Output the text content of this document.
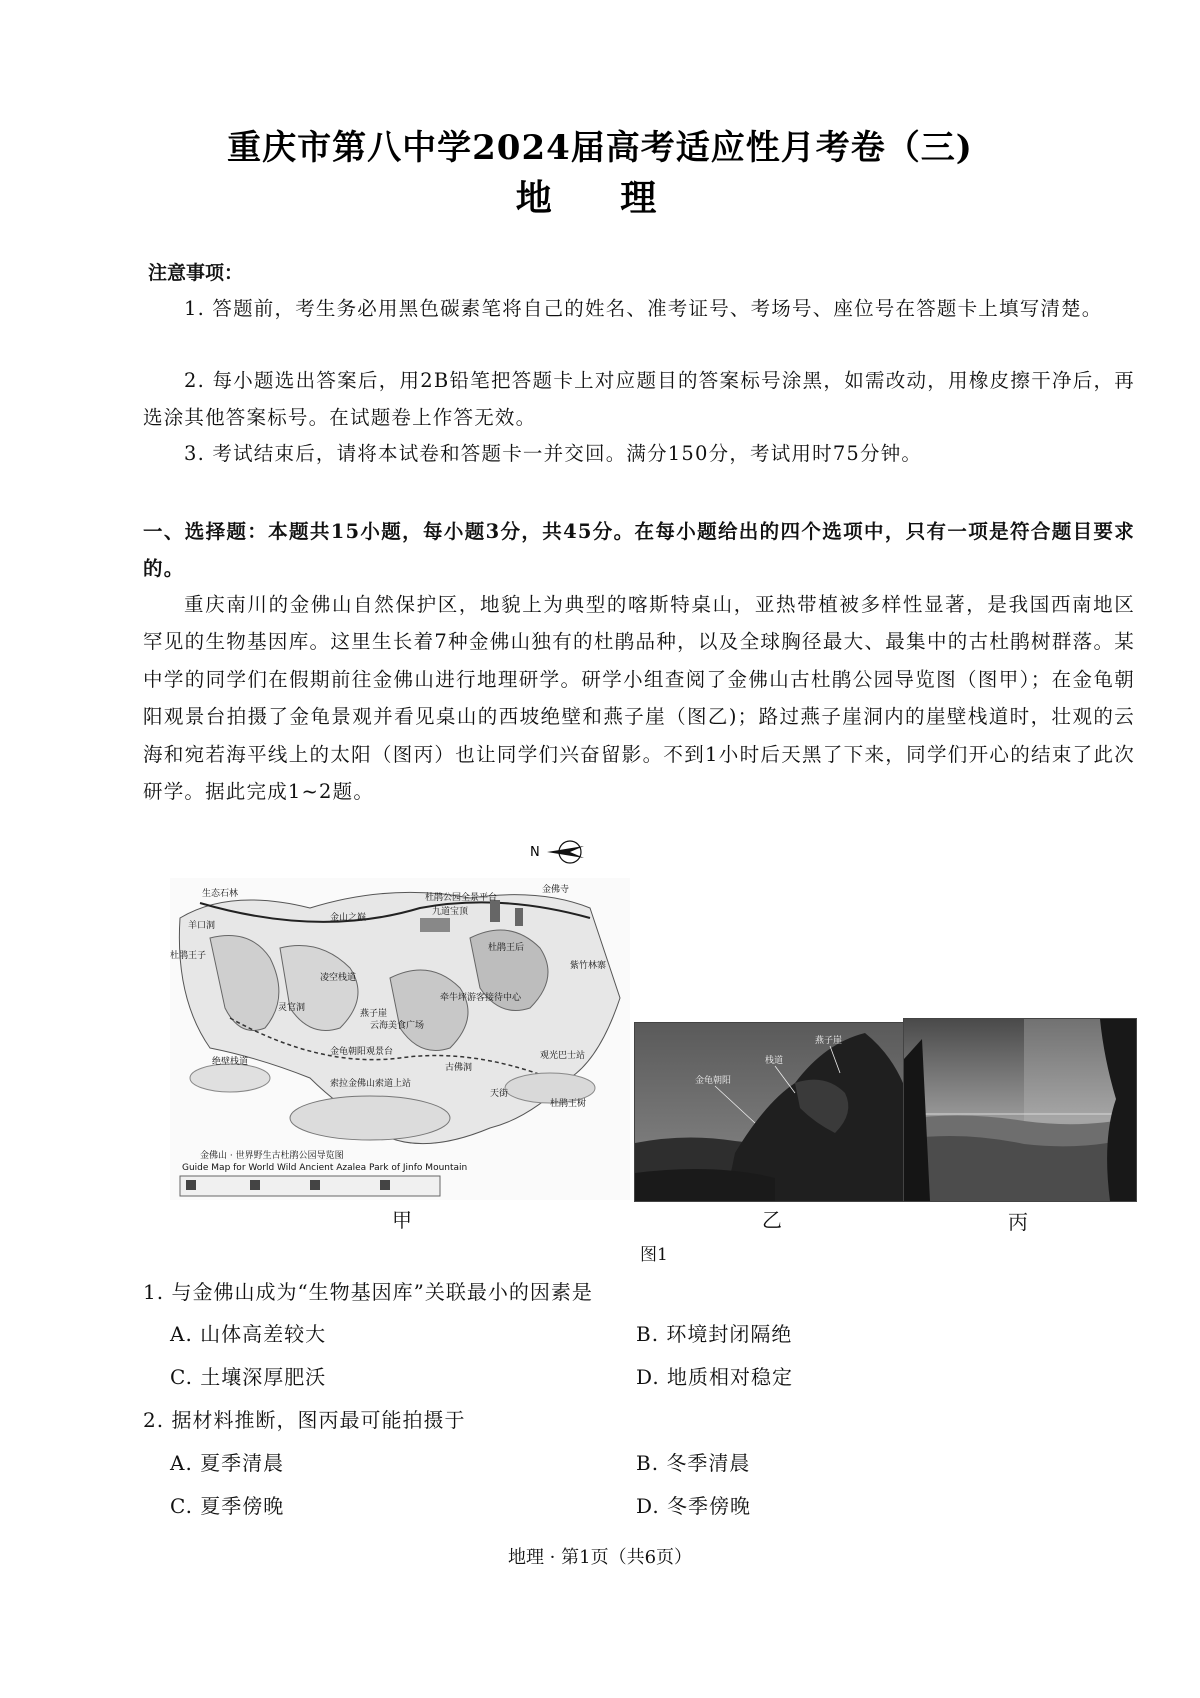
重庆市第八中学2024届高考适应性月考卷（三)
地 理
注意事项：
1. 答题前，考生务必用黑色碳素笔将自己的姓名、准考证号、考场号、座位号在答题卡上填写清楚。
2. 每小题选出答案后，用2B铅笔把答题卡上对应题目的答案标号涂黑，如需改动，用橡皮擦干净后，再选涂其他答案标号。在试题卷上作答无效。
3. 考试结束后，请将本试卷和答题卡一并交回。满分150分，考试用时75分钟。
一、选择题：本题共15小题，每小题3分，共45分。在每小题给出的四个选项中，只有一项是符合题目要求的。
重庆南川的金佛山自然保护区，地貌上为典型的喀斯特桌山，亚热带植被多样性显著，是我国西南地区罕见的生物基因库。这里生长着7种金佛山独有的杜鹃品种，以及全球胸径最大、最集中的古杜鹃树群落。某中学的同学们在假期前往金佛山进行地理研学。研学小组查阅了金佛山古杜鹃公园导览图（图甲）；在金龟朝阳观景台拍摄了金龟景观并看见桌山的西坡绝壁和燕子崖（图乙)；路过燕子崖洞内的崖壁栈道时，壮观的云海和宛若海平线上的太阳（图丙）也让同学们兴奋留影。不到1小时后天黑了下来，同学们开心的结束了此次研学。据此完成1~2题。
N
生态石林
羊口洞
杜鹃王子
金山之巅
杜鹃公园全景平台
金佛寺
九道宝顶
杜鹃王后
凌空栈道
灵官洞
燕子崖
紫竹林寨
牵牛坪游客接待中心
云海美食广场
绝壁栈道
金龟朝阳观景台
古佛洞
索拉金佛山索道上站
天街
杜鹃王树
观光巴士站
金佛山 · 世界野生古杜鹃公园导览图
Guide Map for World Wild Ancient Azalea Park of Jinfo Mountain
燕子崖
金龟朝阳
栈道
甲	乙	丙
图1
1. 与金佛山成为“生物基因库”关联最小的因素是
A. 山体高差较大	B. 环境封闭隔绝
C. 土壤深厚肥沃	D. 地质相对稳定
2. 据材料推断，图丙最可能拍摄于
A. 夏季清晨	B. 冬季清晨
C. 夏季傍晚	D. 冬季傍晚
地理 · 第1页（共6页）
